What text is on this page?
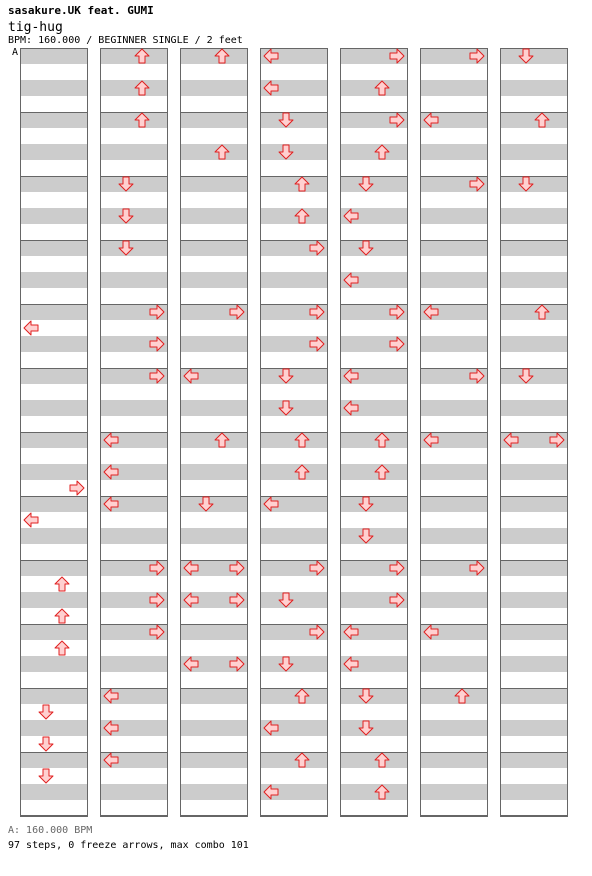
sasakure.UK feat. GUMI
tig-hug
BPM: 160.000 / BEGINNER SINGLE / 2 feet
A
A: 160.000 BPM
97 steps, 0 freeze arrows, max combo 101
